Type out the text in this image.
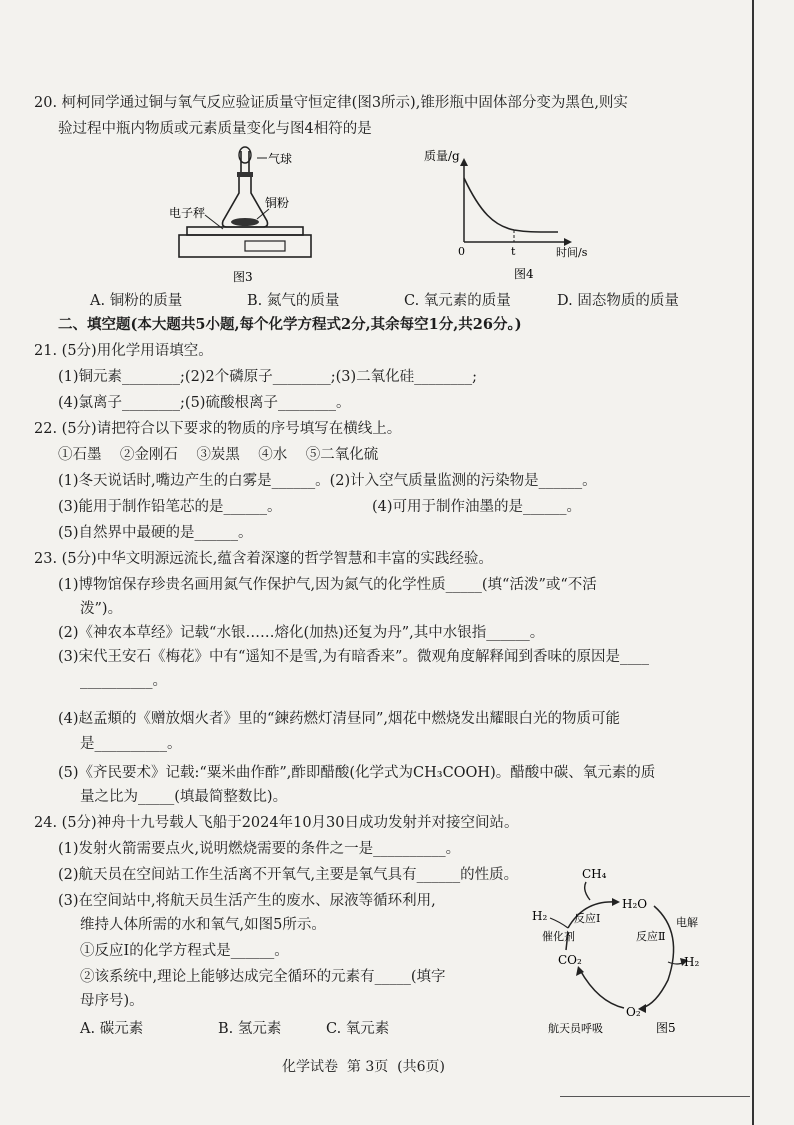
20. 柯柯同学通过铜与氧气反应验证质量守恒定律(图3所示),锥形瓶中固体部分变为黑色,则实
验过程中瓶内物质或元素质量变化与图4相符的是
气球
铜粉
电子秤
图3
质量/g
0	t	时间/s
图4
A. 铜粉的质量	B. 氮气的质量	C. 氧元素的质量	D. 固态物质的质量
二、填空题(本大题共5小题,每个化学方程式2分,其余每空1分,共26分。)
21. (5分)用化学用语填空。
(1)铜元素________;(2)2个磷原子________;(3)二氧化硅________;
(4)氯离子________;(5)硫酸根离子________。
22. (5分)请把符合以下要求的物质的序号填写在横线上。
①石墨    ②金刚石    ③炭黑    ④水    ⑤二氧化硫
(1)冬天说话时,嘴边产生的白雾是______。(2)计入空气质量监测的污染物是______。
(3)能用于制作铅笔芯的是______。	(4)可用于制作油墨的是______。
(5)自然界中最硬的是______。
23. (5分)中华文明源远流长,蕴含着深邃的哲学智慧和丰富的实践经验。
(1)博物馆保存珍贵名画用氮气作保护气,因为氮气的化学性质_____(填“活泼”或“不活
泼”)。
(2)《神农本草经》记载“水银……熔化(加热)还复为丹”,其中水银指______。
(3)宋代王安石《梅花》中有“遥知不是雪,为有暗香来”。微观角度解释闻到香味的原因是____
__________。
(4)赵孟頫的《赠放烟火者》里的“鍊药燃灯清昼同”,烟花中燃烧发出耀眼白光的物质可能
是__________。
(5)《齐民要术》记载:“粟米曲作酢”,酢即醋酸(化学式为CH₃COOH)。醋酸中碳、氧元素的质
量之比为_____(填最简整数比)。
24. (5分)神舟十九号载人飞船于2024年10月30日成功发射并对接空间站。
(1)发射火箭需要点火,说明燃烧需要的条件之一是__________。
(2)航天员在空间站工作生活离不开氧气,主要是氧气具有______的性质。
(3)在空间站中,将航天员生活产生的废水、尿液等循环利用,
维持人体所需的水和氧气,如图5所示。
①反应Ⅰ的化学方程式是______。
②该系统中,理论上能够达成完全循环的元素有_____(填字
母序号)。
A. 碳元素	B. 氢元素	C. 氧元素
CH₄
H₂O
电解
反应Ⅱ
H₂
O₂
CO₂
H₂ 反应Ⅰ
催化剂
航天员呼吸	图5
化学试卷  第 3页  (共6页)
